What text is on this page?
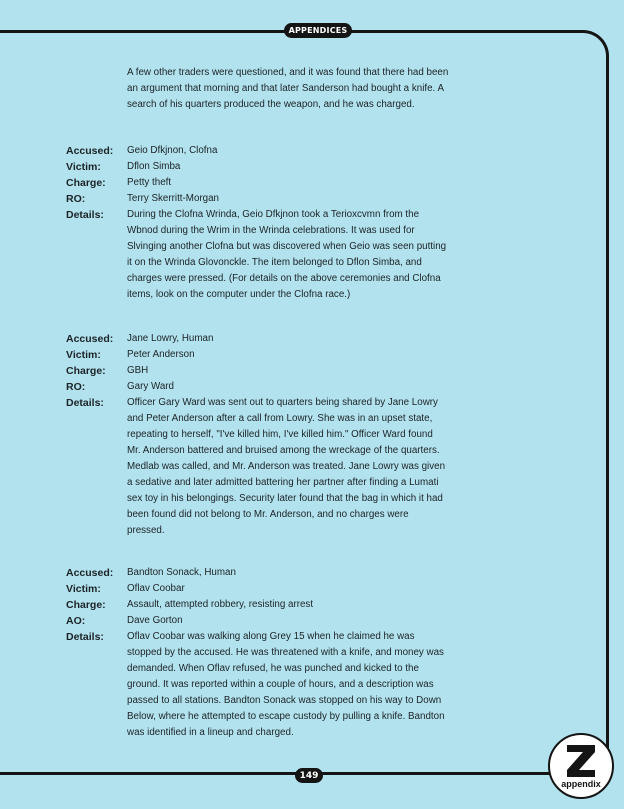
APPENDICES

A few other traders were questioned, and it was found that there had been an argument that morning and that later Sanderson had bought a knife. A search of his quarters produced the weapon, and he was charged.

Accused:	Geio Dfkjnon, Clofna
Victim:	Dflon Simba
Charge:	Petty theft
RO:	Terry Skerritt-Morgan
Details:	During the Clofna Wrinda, Geio Dfkjnon took a Terioxcvmn from the Wbnod during the Wrim in the Wrinda celebrations. It was used for Slvinging another Clofna but was discovered when Geio was seen putting it on the Wrinda Glovonckle. The item belonged to Dflon Simba, and charges were pressed. (For details on the above ceremonies and Clofna items, look on the computer under the Clofna race.)
Accused:	Jane Lowry, Human
Victim:	Peter Anderson
Charge:	GBH
RO:	Gary Ward
Details:	Officer Gary Ward was sent out to quarters being shared by Jane Lowry and Peter Anderson after a call from Lowry. She was in an upset state, repeating to herself, "I've killed him, I've killed him." Officer Ward found Mr. Anderson battered and bruised among the wreckage of the quarters. Medlab was called, and Mr. Anderson was treated. Jane Lowry was given a sedative and later admitted battering her partner after finding a Lumati sex toy in his belongings. Security later found that the bag in which it had been found did not belong to Mr. Anderson, and no charges were pressed.
Accused:	Bandton Sonack, Human
Victim:	Oflav Coobar
Charge:	Assault, attempted robbery, resisting arrest
AO:	Dave Gorton
Details:	Oflav Coobar was walking along Grey 15 when he claimed he was stopped by the accused. He was threatened with a knife, and money was demanded. When Oflav refused, he was punched and kicked to the ground. It was reported within a couple of hours, and a description was passed to all stations. Bandton Sonack was stopped on his way to Down Below, where he attempted to escape custody by pulling a knife. Bandton was identified in a lineup and charged.
149
appendix
